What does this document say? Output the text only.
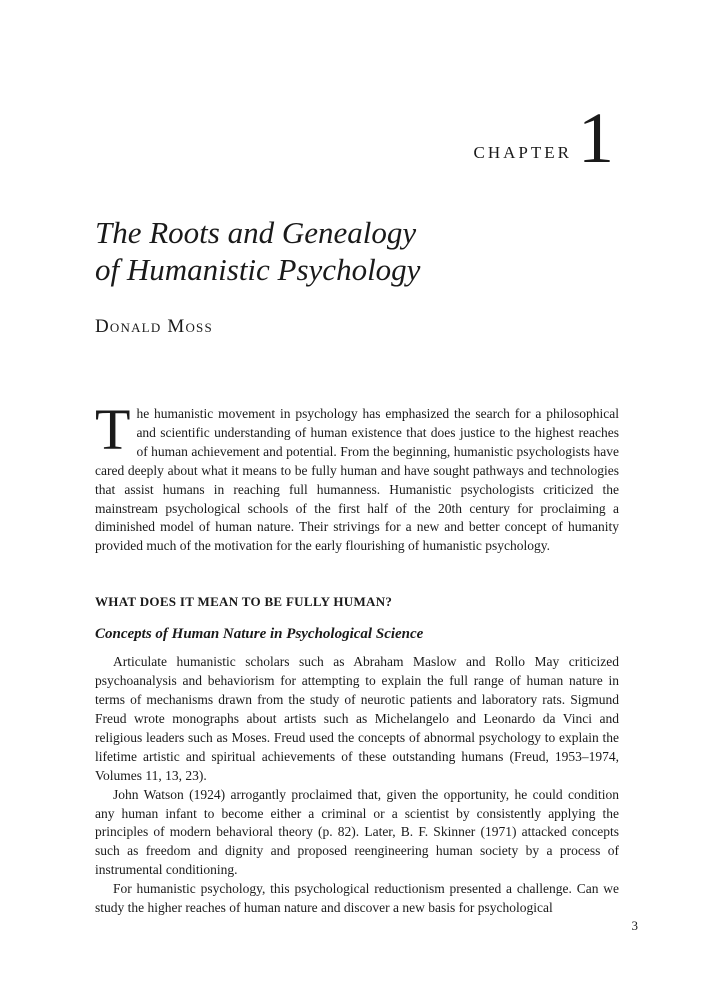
CHAPTER 1
The Roots and Genealogy
of Humanistic Psychology
Donald Moss

The humanistic movement in psychology has emphasized the search for a philosophical and scientific understanding of human existence that does justice to the highest reaches of human achievement and potential. From the beginning, humanistic psychologists have cared deeply about what it means to be fully human and have sought pathways and technologies that assist humans in reaching full humanness. Humanistic psychologists criticized the mainstream psychological schools of the first half of the 20th century for proclaiming a diminished model of human nature. Their strivings for a new and better concept of humanity provided much of the motivation for the early flourishing of humanistic psychology.

WHAT DOES IT MEAN TO BE FULLY HUMAN?
Concepts of Human Nature in Psychological Science

Articulate humanistic scholars such as Abraham Maslow and Rollo May criticized psychoanalysis and behaviorism for attempting to explain the full range of human nature in terms of mechanisms drawn from the study of neurotic patients and laboratory rats. Sigmund Freud wrote monographs about artists such as Michelangelo and Leonardo da Vinci and religious leaders such as Moses. Freud used the concepts of abnormal psychology to explain the lifetime artistic and spiritual achievements of these outstanding humans (Freud, 1953–1974, Volumes 11, 13, 23).

John Watson (1924) arrogantly proclaimed that, given the opportunity, he could condition any human infant to become either a criminal or a scientist by consistently applying the principles of modern behavioral theory (p. 82). Later, B. F. Skinner (1971) attacked concepts such as freedom and dignity and proposed reengineering human society by a process of instrumental conditioning.

For humanistic psychology, this psychological reductionism presented a challenge. Can we study the higher reaches of human nature and discover a new basis for psychological

3
